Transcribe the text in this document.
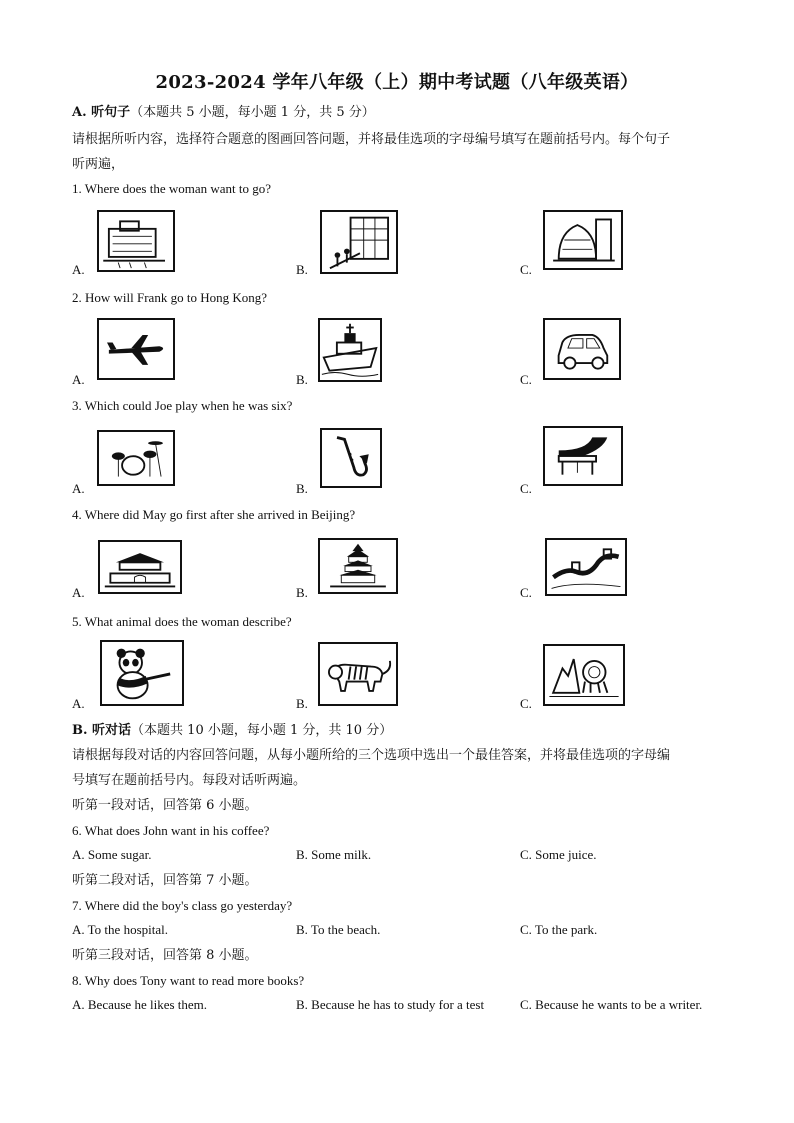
2023-2024 学年八年级（上）期中考试题（八年级英语）
A. 听句子（本题共 5 小题，每小题 1 分，共 5 分）
请根据所听内容，选择符合题意的图画回答问题，并将最佳选项的字母编号填写在题前括号内。每个句子
听两遍，
1. Where does the woman want to go?
A.	B.	C.
2. How will Frank go to Hong Kong?
A.	B.	C.
3. Which could Joe play when he was six?
A.	B.	C.
4. Where did May go first after she arrived in Beijing?
A.	B.	C.
5. What animal does the woman describe?
A.	B.	C.
B. 听对话（本题共 10 小题，每小题 1 分，共 10 分）
请根据每段对话的内容回答问题，从每小题所给的三个选项中选出一个最佳答案，并将最佳选项的字母编
号填写在题前括号内。每段对话听两遍。
听第一段对话，回答第 6 小题。
6. What does John want in his coffee?
A. Some sugar.	B. Some milk.	C. Some juice.
听第二段对话，回答第 7 小题。
7. Where did the boy's class go yesterday?
A. To the hospital.	B. To the beach.	C. To the park.
听第三段对话，回答第 8 小题。
8. Why does Tony want to read more books?
A. Because he likes them.	B. Because he has to study for a test	C. Because he wants to be a writer.
